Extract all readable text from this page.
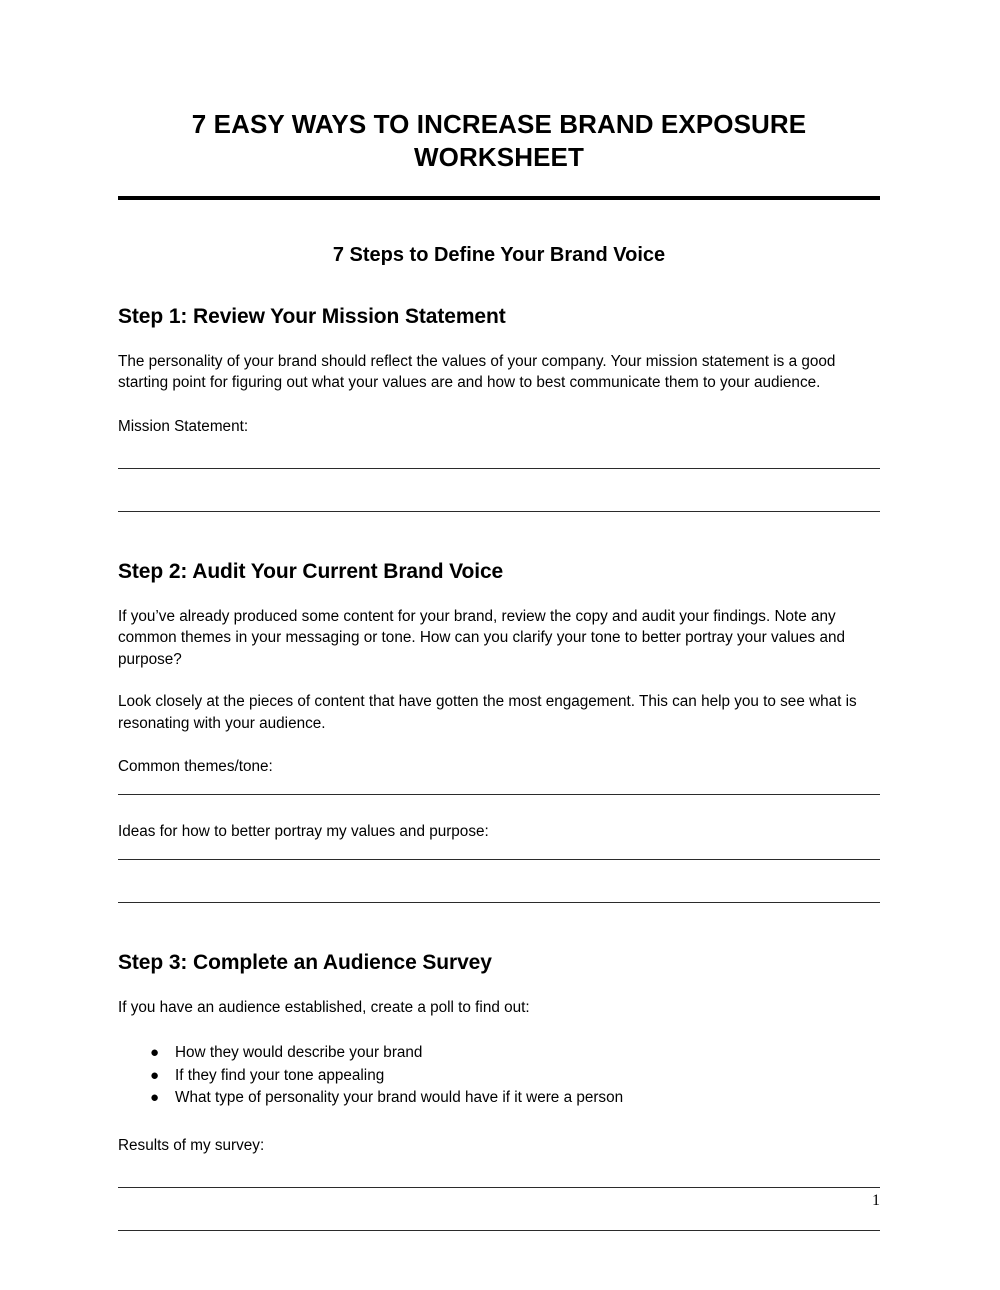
7 EASY WAYS TO INCREASE BRAND EXPOSURE WORKSHEET
7 Steps to Define Your Brand Voice
Step 1: Review Your Mission Statement

The personality of your brand should reflect the values of your company. Your mission statement is a good starting point for figuring out what your values are and how to best communicate them to your audience.

Mission Statement:

Step 2: Audit Your Current Brand Voice

If you’ve already produced some content for your brand, review the copy and audit your findings. Note any common themes in your messaging or tone. How can you clarify your tone to better portray your values and purpose?

Look closely at the pieces of content that have gotten the most engagement. This can help you to see what is resonating with your audience.

Common themes/tone:

Ideas for how to better portray my values and purpose:

Step 3: Complete an Audience Survey

If you have an audience established, create a poll to find out:

● How they would describe your brand
● If they find your tone appealing
● What type of personality your brand would have if it were a person

Results of my survey:

1
